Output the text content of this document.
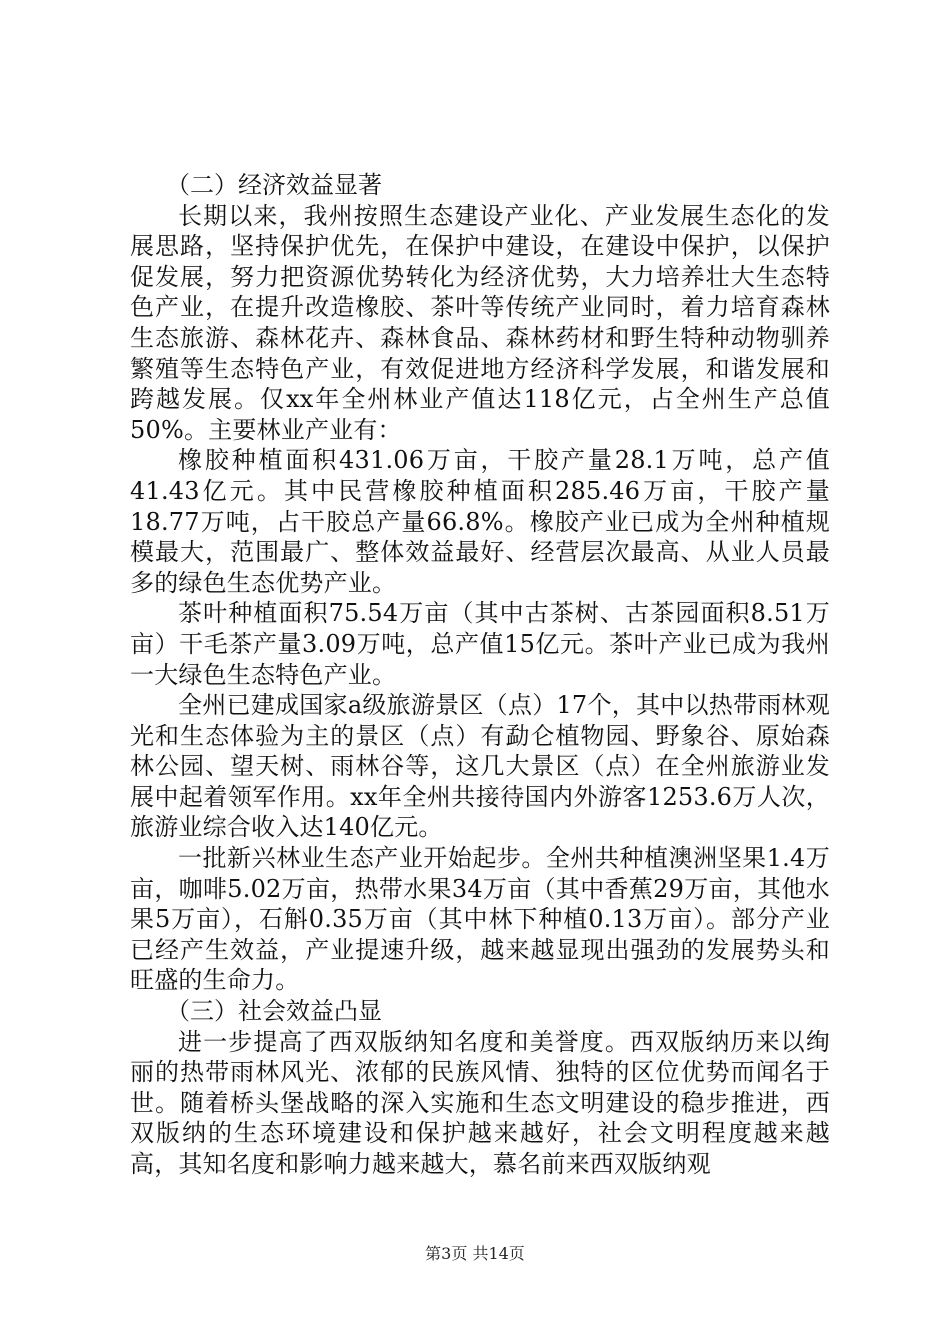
（二）经济效益显著

长期以来，我州按照生态建设产业化、产业发展生态化的发展思路，坚持保护优先，在保护中建设，在建设中保护，以保护促发展，努力把资源优势转化为经济优势，大力培养壮大生态特色产业，在提升改造橡胶、茶叶等传统产业同时，着力培育森林生态旅游、森林花卉、森林食品、森林药材和野生特种动物驯养繁殖等生态特色产业，有效促进地方经济科学发展，和谐发展和跨越发展。仅xx年全州林业产值达118亿元，占全州生产总值50%。主要林业产业有：

橡胶种植面积431.06万亩，干胶产量28.1万吨，总产值41.43亿元。其中民营橡胶种植面积285.46万亩，干胶产量18.77万吨，占干胶总产量66.8%。橡胶产业已成为全州种植规模最大，范围最广、整体效益最好、经营层次最高、从业人员最多的绿色生态优势产业。

茶叶种植面积75.54万亩（其中古茶树、古茶园面积8.51万亩）干毛茶产量3.09万吨，总产值15亿元。茶叶产业已成为我州一大绿色生态特色产业。

全州已建成国家a级旅游景区（点）17个，其中以热带雨林观光和生态体验为主的景区（点）有勐仑植物园、野象谷、原始森林公园、望天树、雨林谷等，这几大景区（点）在全州旅游业发展中起着领军作用。xx年全州共接待国内外游客1253.6万人次，旅游业综合收入达140亿元。

一批新兴林业生态产业开始起步。全州共种植澳洲坚果1.4万亩，咖啡5.02万亩，热带水果34万亩（其中香蕉29万亩，其他水果5万亩），石斛0.35万亩（其中林下种植0.13万亩）。部分产业已经产生效益，产业提速升级，越来越显现出强劲的发展势头和旺盛的生命力。

（三）社会效益凸显

进一步提高了西双版纳知名度和美誉度。西双版纳历来以绚丽的热带雨林风光、浓郁的民族风情、独特的区位优势而闻名于世。随着桥头堡战略的深入实施和生态文明建设的稳步推进，西双版纳的生态环境建设和保护越来越好，社会文明程度越来越高，其知名度和影响力越来越大，慕名前来西双版纳观

第3页 共14页
